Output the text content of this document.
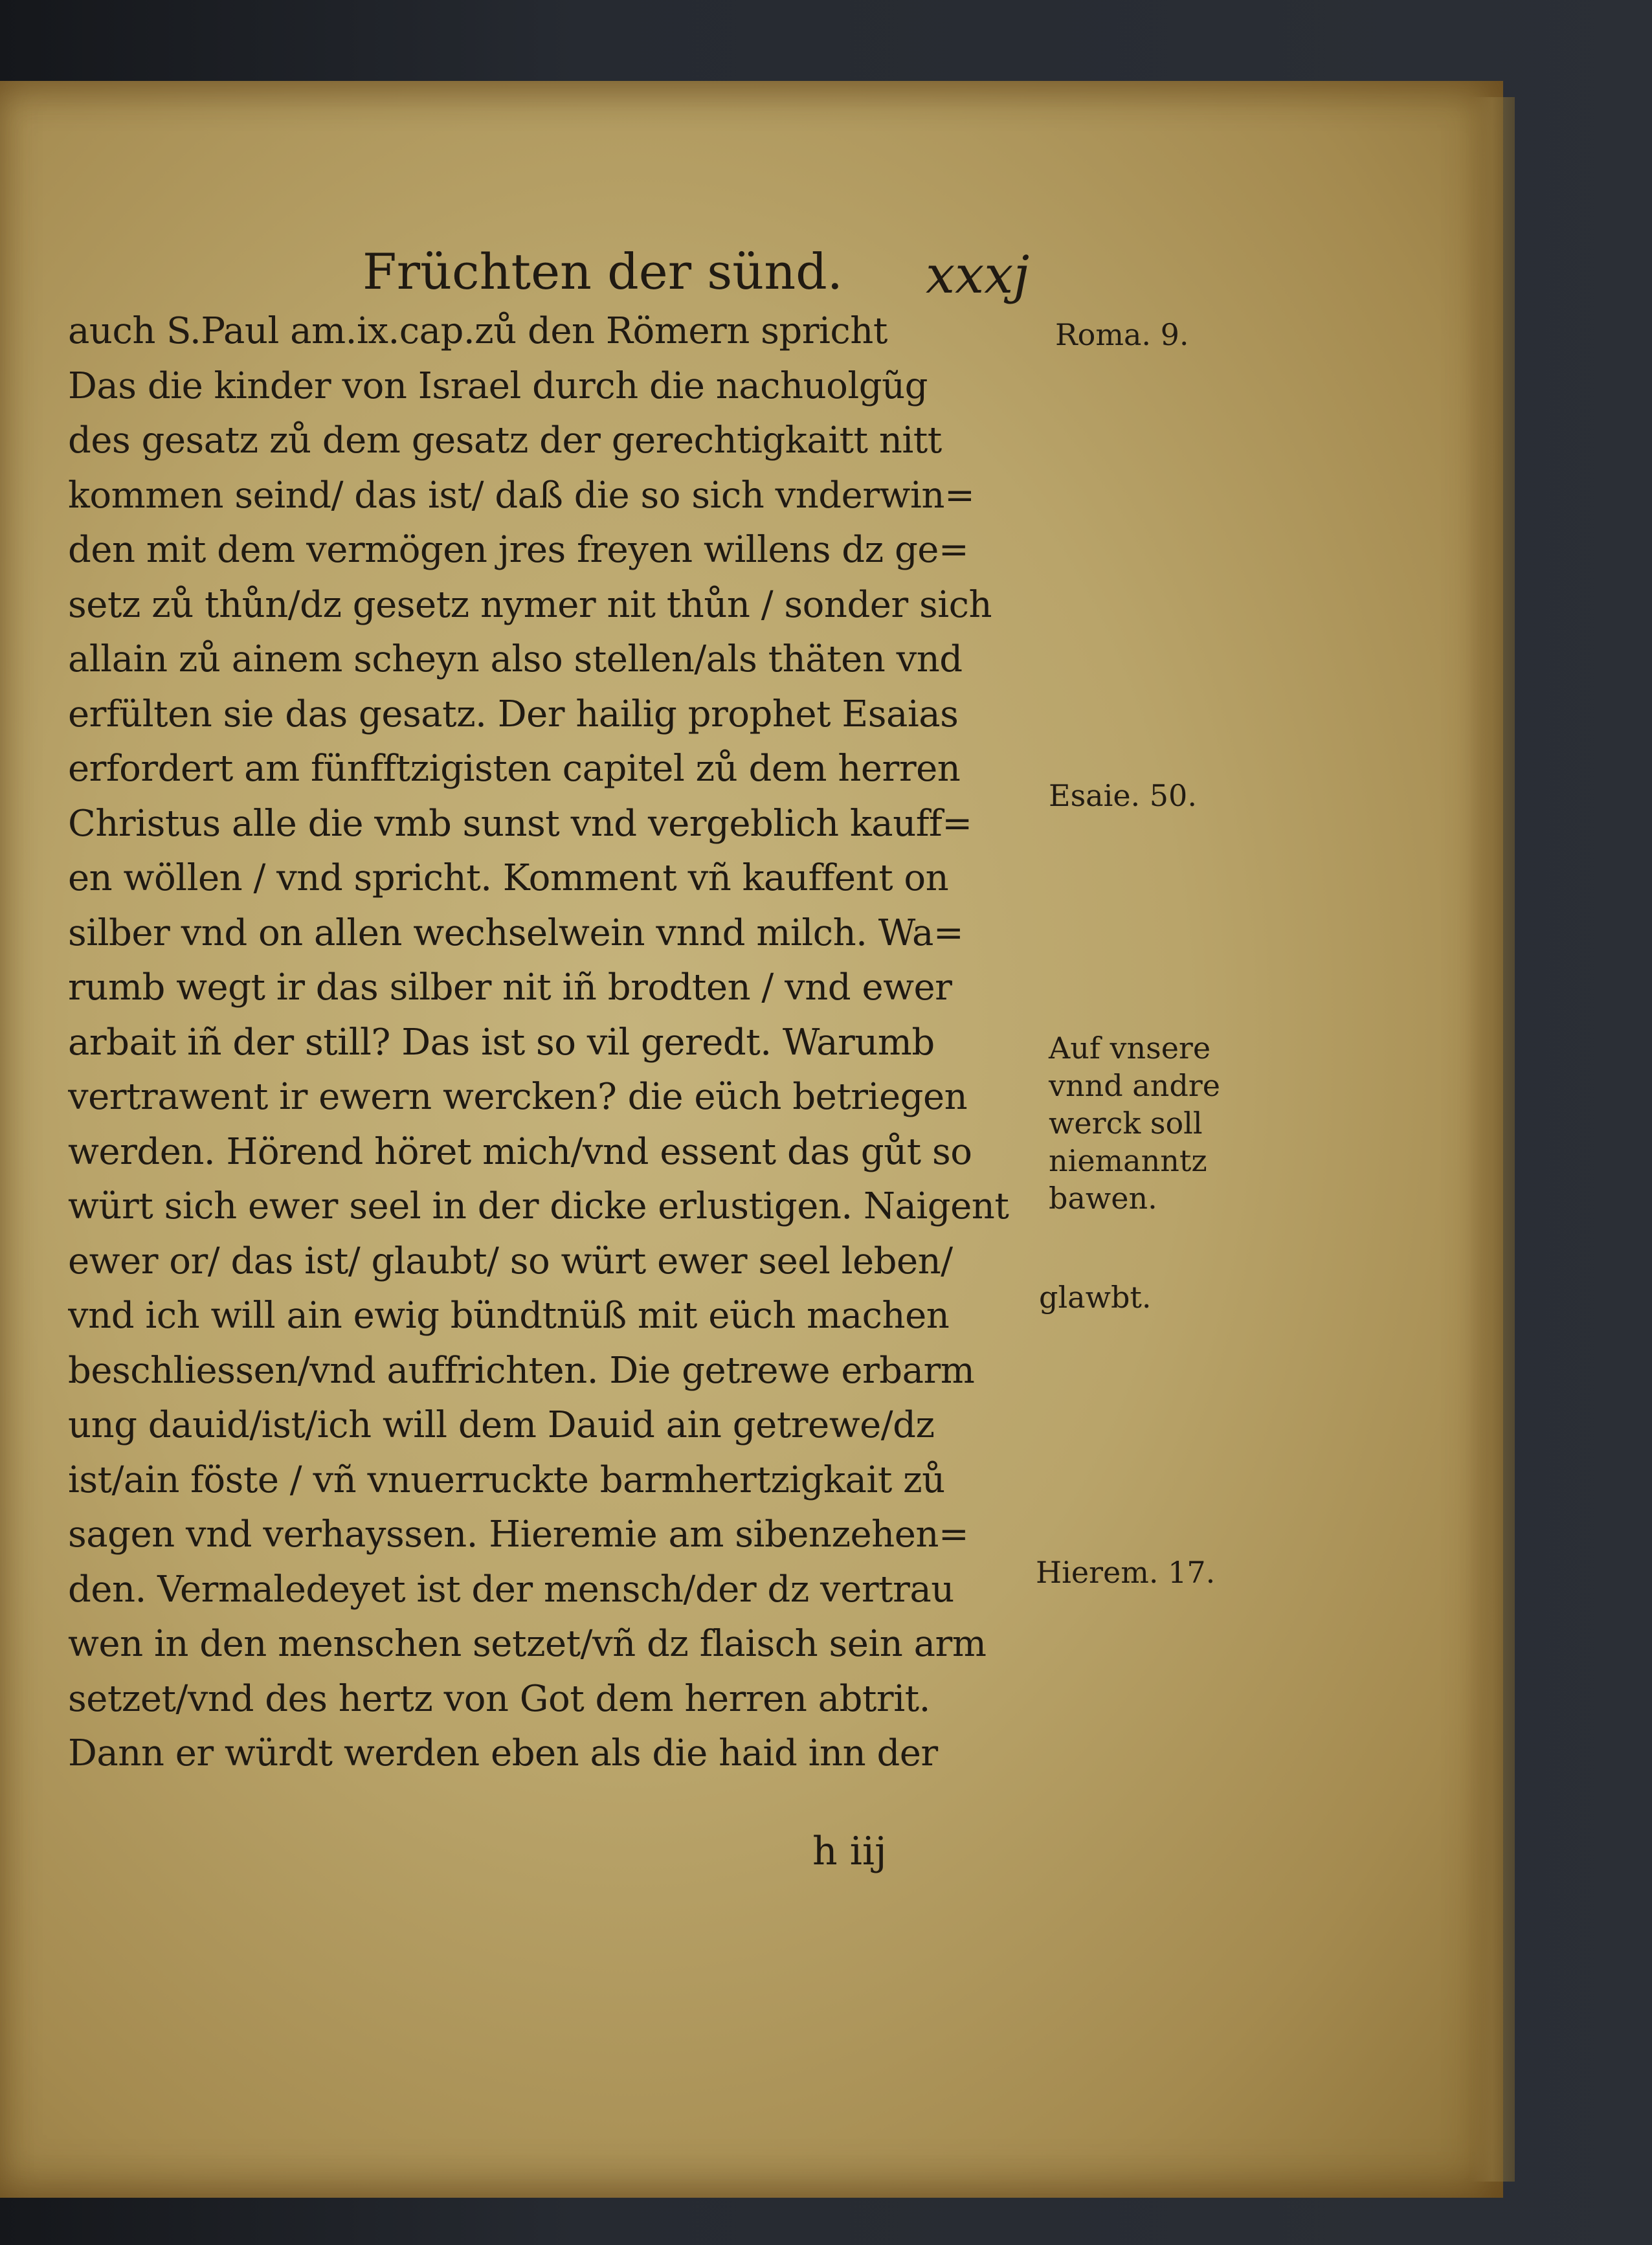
Früchten der sünd. xxxj
auch S.Paul am.ix.cap.zů den Römern spricht
Das die kinder von Israel durch die nachuolgũg
des gesatz zů dem gesatz der gerechtigkaitt nitt
kommen seind/ das ist/ daß die so sich vnderwin=
den mit dem vermögen jres freyen willens dz ge=
setz zů thůn/dz gesetz nymer nit thůn / sonder sich
allain zů ainem scheyn also stellen/als thäten vnd
erfülten sie das gesatz. Der hailig prophet Esaias
erfordert am fünfftzigisten capitel zů dem herren
Christus alle die vmb sunst vnd vergeblich kauff=
en wöllen / vnd spricht. Komment vñ kauffent on
silber vnd on allen wechselwein vnnd milch. Wa=
rumb wegt ir das silber nit iñ brodten / vnd ewer
arbait iñ der still? Das ist so vil geredt. Warumb
vertrawent ir ewern wercken? die eüch betriegen
werden. Hörend höret mich/vnd essent das gůt so
würt sich ewer seel in der dicke erlustigen. Naigent
ewer or/ das ist/ glaubt/ so würt ewer seel leben/
vnd ich will ain ewig bündtnüß mit eüch machen
beschliessen/vnd auffrichten. Die getrewe erbarm
ung dauid/ist/ich will dem Dauid ain getrewe/dz
ist/ain föste / vñ vnuerruckte barmhertzigkait zů
sagen vnd verhayssen. Hieremie am sibenzehen=
den. Vermaledeyet ist der mensch/der dz vertrau
wen in den menschen setzet/vñ dz flaisch sein arm
setzet/vnd des hertz von Got dem herren abtrit.
Dann er würdt werden eben als die haid inn der
Roma. 9.
Esaie. 50.
Auf vnsere
vnnd andre
werck soll
niemanntz
bawen.
glawbt.
Hierem. 17.
h iij
